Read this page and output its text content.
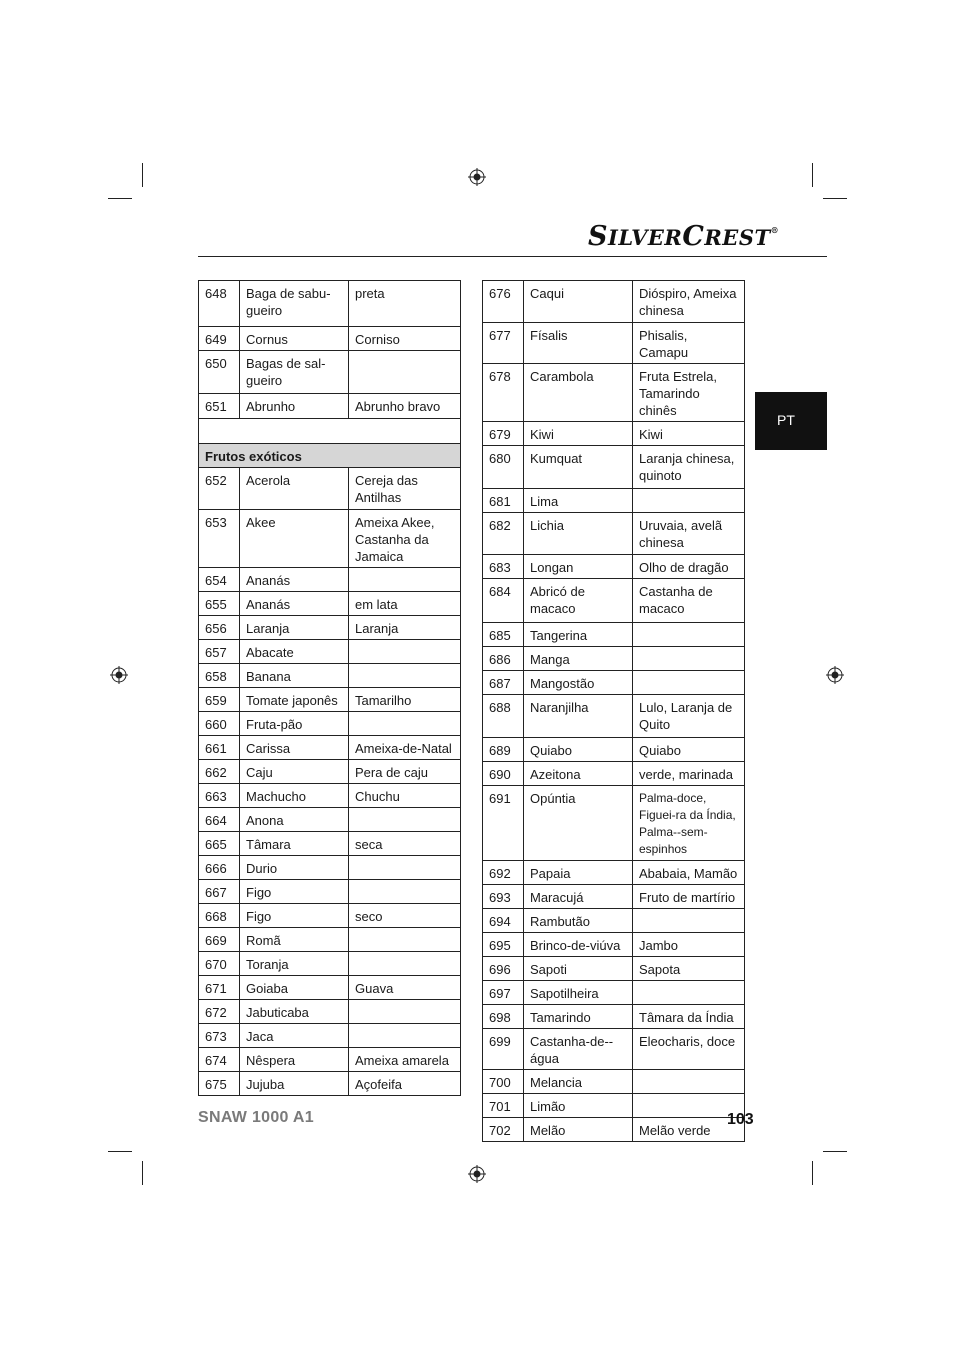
SILVERCREST®
PT
648	Baga de sabu-gueiro	preta
649	Cornus	Corniso
650	Bagas de sal-gueiro	
651	Abrunho	Abrunho bravo

Frutos exóticos		
652	Acerola	Cereja das Antilhas
653	Akee	Ameixa Akee, Castanha da Jamaica
654	Ananás	
655	Ananás	em lata
656	Laranja	Laranja
657	Abacate	
658	Banana	
659	Tomate japonês	Tamarilho
660	Fruta-pão	
661	Carissa	Ameixa-de-Natal
662	Caju	Pera de caju
663	Machucho	Chuchu
664	Anona	
665	Tâmara	seca
666	Durio	
667	Figo	
668	Figo	seco
669	Romã	
670	Toranja	
671	Goiaba	Guava
672	Jabuticaba	
673	Jaca	
674	Nêspera	Ameixa amarela
675	Jujuba	Açofeifa
676	Caqui	Dióspiro, Ameixa chinesa
677	Físalis	Phisalis, Camapu
678	Carambola	Fruta Estrela, Tamarindo chinês
679	Kiwi	Kiwi
680	Kumquat	Laranja chinesa, quinoto
681	Lima	
682	Lichia	Uruvaia, avelã chinesa
683	Longan	Olho de dragão
684	Abricó de macaco	Castanha de macaco
685	Tangerina	
686	Manga	
687	Mangostão	
688	Naranjilha	Lulo, Laranja de Quito
689	Quiabo	Quiabo
690	Azeitona	verde, marinada
691	Opúntia	Palma-doce, Figuei-ra da Índia, Palma--sem-espinhos
692	Papaia	Ababaia, Mamão
693	Maracujá	Fruto de martírio
694	Rambutão	
695	Brinco-de-viúva	Jambo
696	Sapoti	Sapota
697	Sapotilheira	
698	Tamarindo	Tâmara da Índia
699	Castanha-de--água	Eleocharis, doce
700	Melancia	
701	Limão	
702	Melão	Melão verde
SNAW 1000 A1	103
